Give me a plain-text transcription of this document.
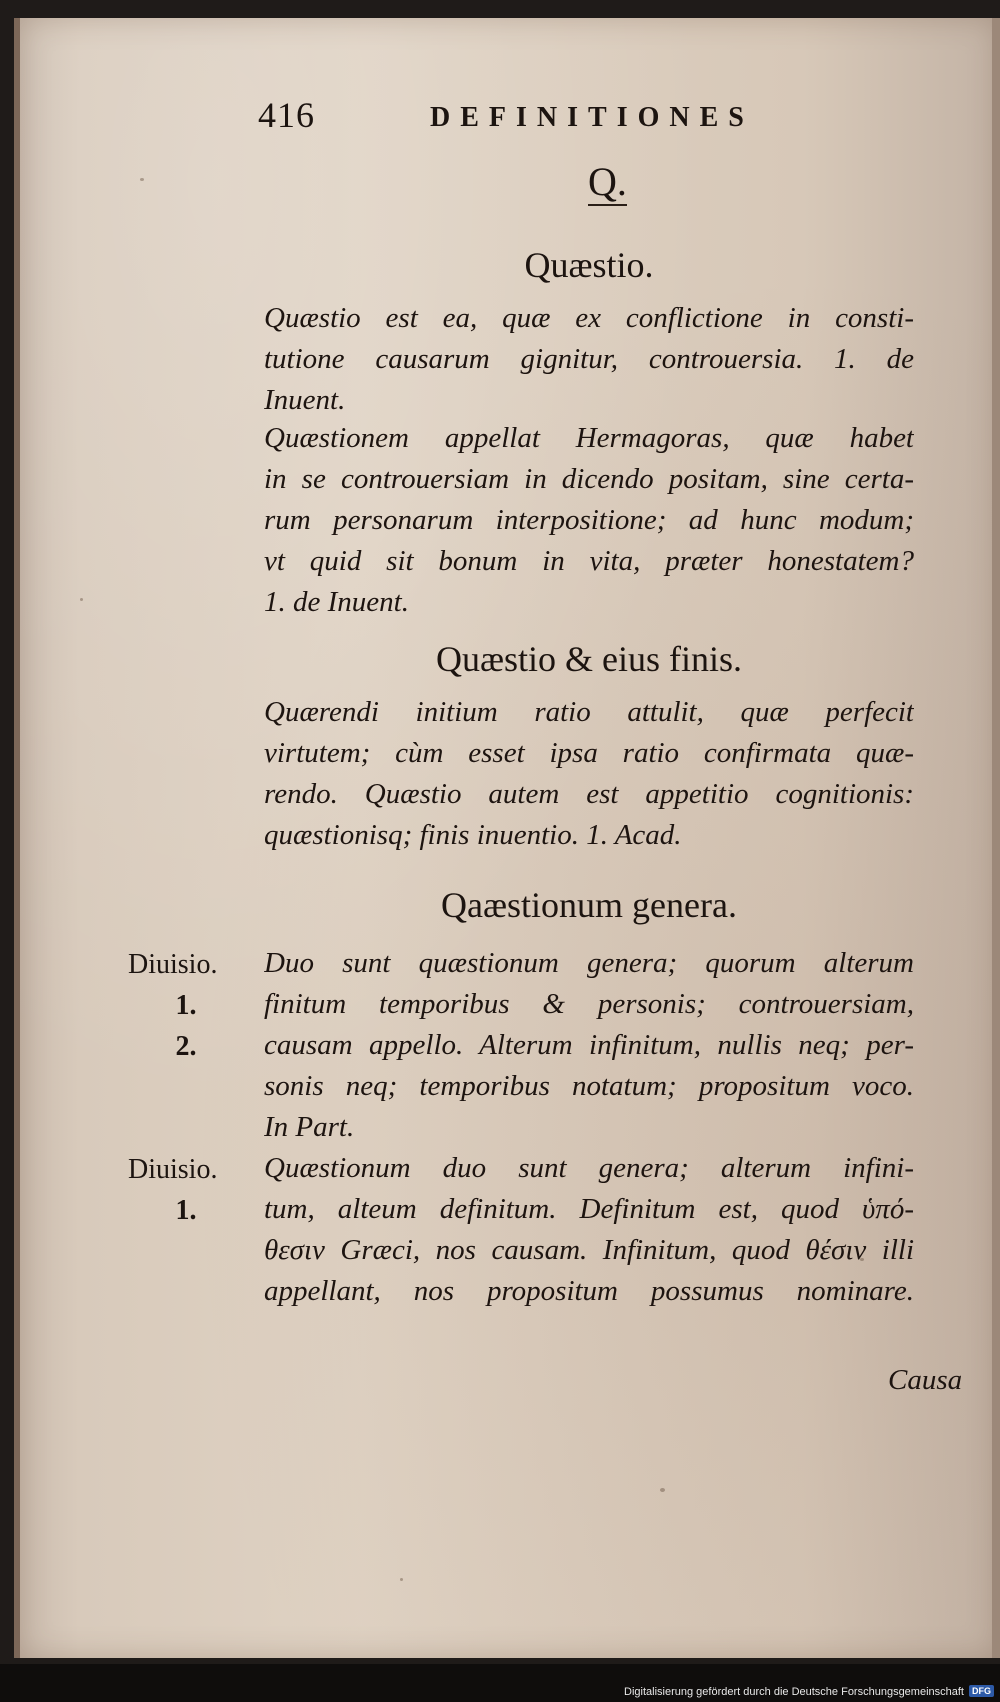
416	DEFINITIONES
Q.
Quæstio.
Quæstio est ea, quæ ex conflictione in consti-
tutione causarum gignitur, controuersia. 1. de
Inuent.
Quæstionem appellat Hermagoras, quæ habet
in se controuersiam in dicendo positam, sine certa-
rum personarum interpositione; ad hunc modum;
vt quid sit bonum in vita, præter honestatem?
1. de Inuent.
Quæstio & eius finis.
Quærendi initium ratio attulit, quæ perfecit
virtutem; cùm esset ipsa ratio confirmata quæ-
rendo. Quæstio autem est appetitio cognitionis:
quæstionisq; finis inuentio. 1. Acad.
Qaæstionum genera.
Diuisio.
1.
2.
Duo sunt quæstionum genera; quorum alterum
finitum temporibus & personis; controuersiam,
causam appello. Alterum infinitum, nullis neq; per-
sonis neq; temporibus notatum; propositum voco.
In Part.
Diuisio.
1.
Quæstionum duo sunt genera; alterum infini-
tum, alteum definitum. Definitum est, quod ὑπό-
θεσιν Græci, nos causam. Infinitum, quod θέσιν illi
appellant, nos propositum possumus nominare.
Causa
Digitalisierung gefördert durch die Deutsche Forschungsgemeinschaft DFG
